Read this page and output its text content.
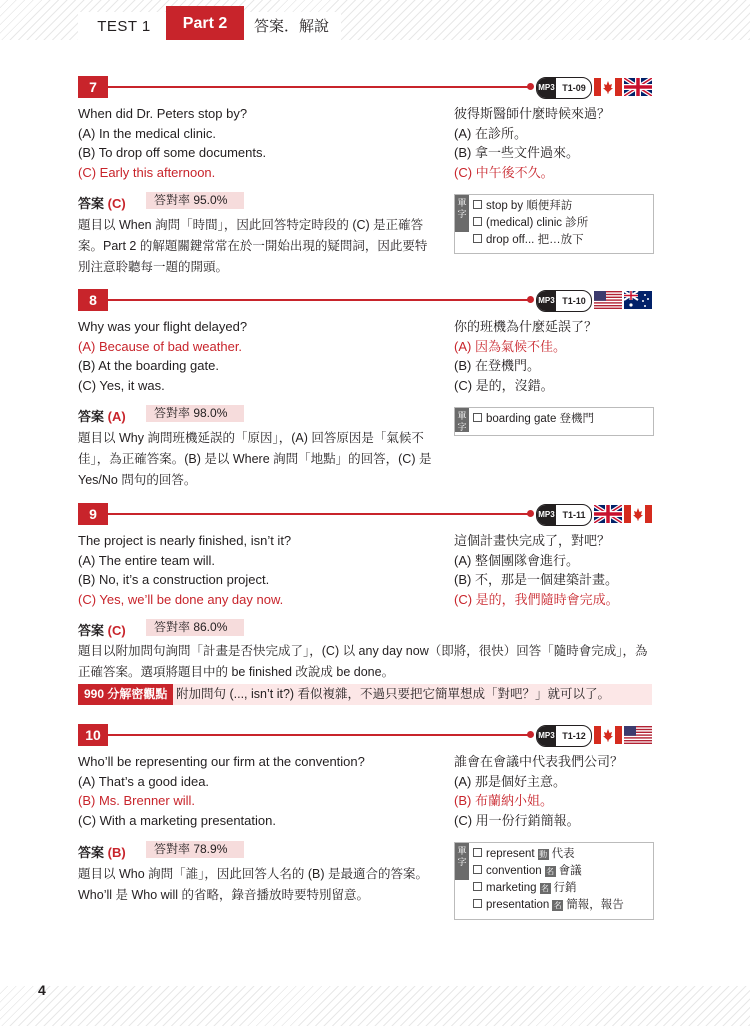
TEST 1	Part 2	答案．解說
7	MP3 T1-09
When did Dr. Peters stop by?
(A) In the medical clinic.
(B) To drop off some documents.
(C) Early this afternoon.
彼得斯醫師什麼時候來過？
(A) 在診所。
(B) 拿一些文件過來。
(C) 中午後不久。
答案 (C)	答對率 95.0%
題目以 When 詢問「時間」，因此回答特定時段的 (C) 是正確答
案。Part 2 的解題關鍵常常在於一開始出現的疑問詞，因此要特
別注意聆聽每一題的開頭。
單字
stop by 順便拜訪
(medical) clinic 診所
drop off... 把…放下
8	MP3 T1-10
Why was your flight delayed?
(A) Because of bad weather.
(B) At the boarding gate.
(C) Yes, it was.
你的班機為什麼延誤了？
(A) 因為氣候不佳。
(B) 在登機門。
(C) 是的，沒錯。
答案 (A)	答對率 98.0%
題目以 Why 詢問班機延誤的「原因」，(A) 回答原因是「氣候不
佳」，為正確答案。(B) 是以 Where 詢問「地點」的回答，(C) 是
Yes/No 問句的回答。
單字
boarding gate 登機門
9	MP3 T1-11
The project is nearly finished, isn’t it?
(A) The entire team will.
(B) No, it’s a construction project.
(C) Yes, we’ll be done any day now.
這個計畫快完成了，對吧？
(A) 整個團隊會進行。
(B) 不，那是一個建築計畫。
(C) 是的，我們隨時會完成。
答案 (C)	答對率 86.0%
題目以附加問句詢問「計畫是否快完成了」，(C) 以 any day now（即將，很快）回答「隨時會完成」，為
正確答案。選項將題目中的 be finished 改說成 be done。
990 分解密觀點 附加問句 (..., isn’t it?) 看似複雜，不過只要把它簡單想成「對吧？」就可以了。
10	MP3 T1-12
Who’ll be representing our firm at the convention?
(A) That’s a good idea.
(B) Ms. Brenner will.
(C) With a marketing presentation.
誰會在會議中代表我們公司？
(A) 那是個好主意。
(B) 布蘭納小姐。
(C) 用一份行銷簡報。
答案 (B)	答對率 78.9%
題目以 Who 詢問「誰」，因此回答人名的 (B) 是最適合的答案。
Who’ll 是 Who will 的省略，錄音播放時要特別留意。
單字
represent 動 代表
convention 名 會議
marketing 名 行銷
presentation 名 簡報，報告
4
